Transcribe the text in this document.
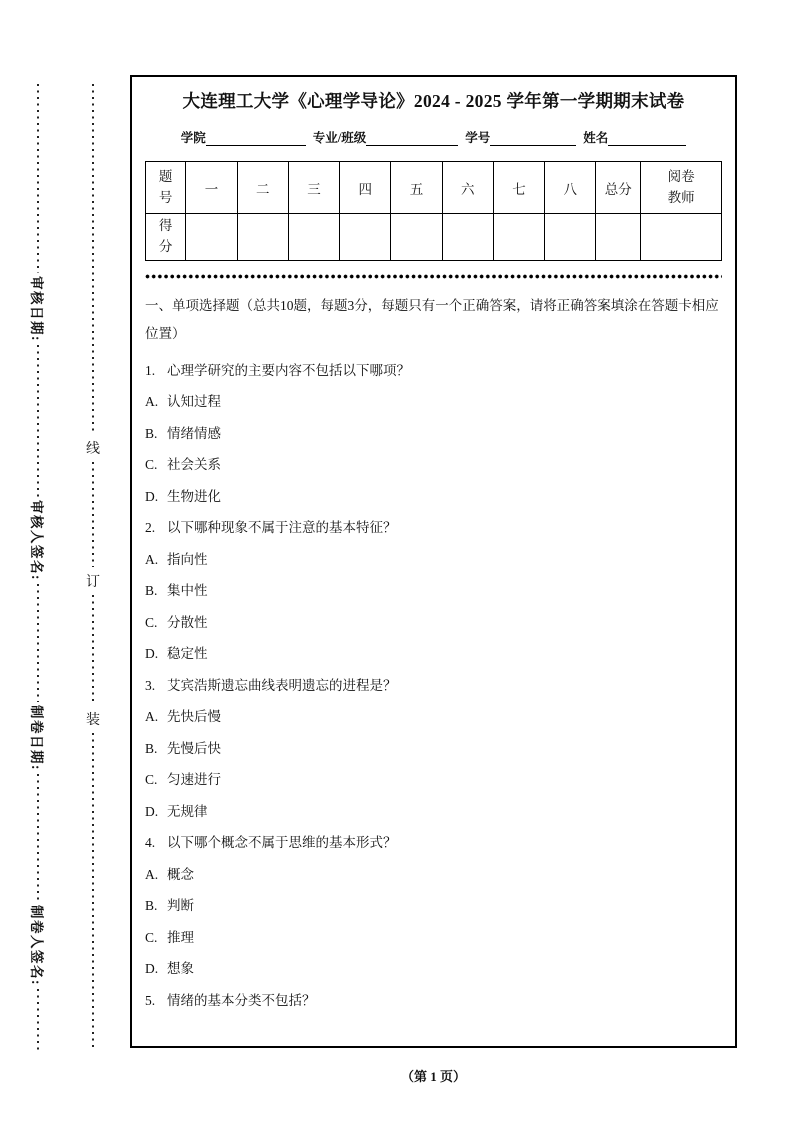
审核日期:
审核人签名:
制卷日期:
制卷人签名:
线
订
装
大连理工大学《心理学导论》2024 - 2025 学年第一学期期末试卷
学院	专业/班级	学号	姓名
题号	一	二	三	四	五	六	七	八	总分	阅卷教师
得分										

一、单项选择题（总共10题，每题3分，每题只有一个正确答案，请将正确答案填涂在答题卡相应位置）

1. 心理学研究的主要内容不包括以下哪项？

A. 认知过程

B. 情绪情感

C. 社会关系

D. 生物进化

2. 以下哪种现象不属于注意的基本特征？

A. 指向性

B. 集中性

C. 分散性

D. 稳定性

3. 艾宾浩斯遗忘曲线表明遗忘的进程是？

A. 先快后慢

B. 先慢后快

C. 匀速进行

D. 无规律

4. 以下哪个概念不属于思维的基本形式？

A. 概念

B. 判断

C. 推理

D. 想象

5. 情绪的基本分类不包括？

（第 1 页）
